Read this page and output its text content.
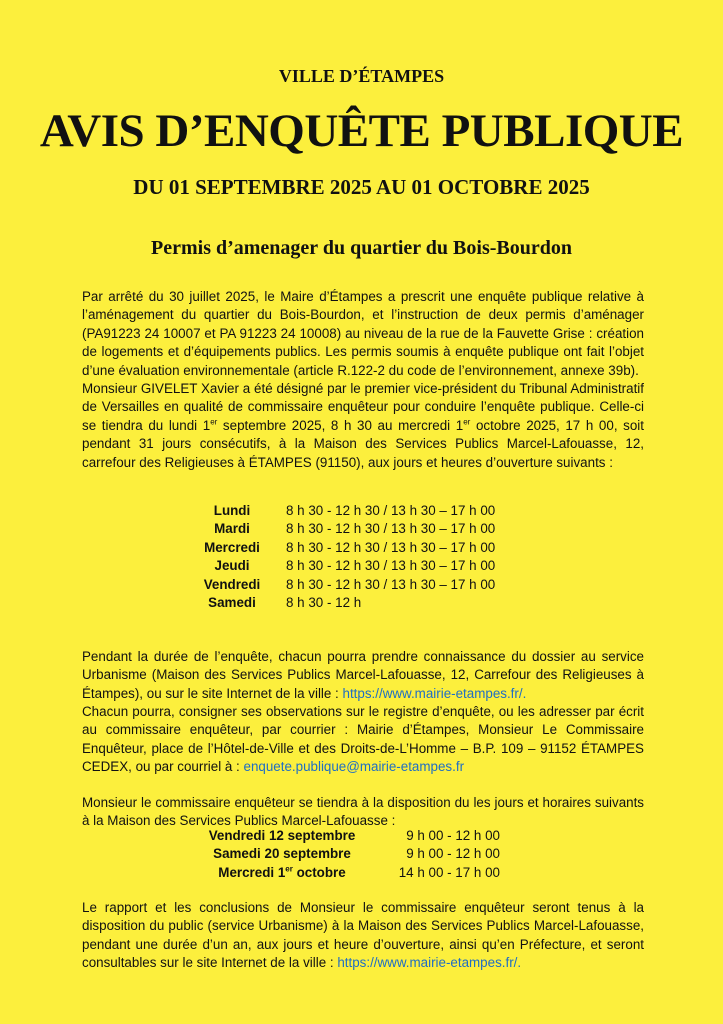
VILLE D’ÉTAMPES
AVIS D’ENQUÊTE PUBLIQUE
DU 01 SEPTEMBRE 2025 AU 01 OCTOBRE 2025
Permis d’amenager du quartier du Bois-Bourdon

Par arrêté du 30 juillet 2025, le Maire d’Étampes a prescrit une enquête publique relative à l’aménagement du quartier du Bois-Bourdon, et l’instruction de deux permis d’aménager (PA91223 24 10007 et PA 91223 24 10008) au niveau de la rue de la Fauvette Grise : création de logements et d’équipements publics. Les permis soumis à enquête publique ont fait l’objet d’une évaluation environnementale (article R.122-2 du code de l’environnement, annexe 39b).

Monsieur GIVELET Xavier a été désigné par le premier vice-président du Tribunal Administratif de Versailles en qualité de commissaire enquêteur pour conduire l’enquête publique. Celle-ci se tiendra du lundi 1er septembre 2025, 8 h 30 au mercredi 1er octobre 2025, 17 h 00, soit pendant 31 jours consécutifs, à la Maison des Services Publics Marcel-Lafouasse, 12, carrefour des Religieuses à ÉTAMPES (91150), aux jours et heures d’ouverture suivants :

Lundi	8 h 30 - 12 h 30 / 13 h 30 – 17 h 00
Mardi	8 h 30 - 12 h 30 / 13 h 30 – 17 h 00
Mercredi	8 h 30 - 12 h 30 / 13 h 30 – 17 h 00
Jeudi	8 h 30 - 12 h 30 / 13 h 30 – 17 h 00
Vendredi	8 h 30 - 12 h 30 / 13 h 30 – 17 h 00
Samedi	8 h 30 - 12 h

Pendant la durée de l’enquête, chacun pourra prendre connaissance du dossier au service Urbanisme (Maison des Services Publics Marcel-Lafouasse, 12, Carrefour des Religieuses à Étampes), ou sur le site Internet de la ville : https://www.mairie-etampes.fr/.

Chacun pourra, consigner ses observations sur le registre d’enquête, ou les adresser par écrit au commissaire enquêteur, par courrier : Mairie d’Étampes, Monsieur Le Commissaire Enquêteur, place de l’Hôtel-de-Ville et des Droits-de-L’Homme – B.P. 109 – 91152 ÉTAMPES CEDEX, ou par courriel à : enquete.publique@mairie-etampes.fr

Monsieur le commissaire enquêteur se tiendra à la disposition du les jours et horaires suivants à la Maison des Services Publics Marcel-Lafouasse :

Vendredi 12 septembre	9 h 00 - 12 h 00
Samedi 20 septembre	9 h 00 - 12 h 00
Mercredi 1er octobre	14 h 00 - 17 h 00

Le rapport et les conclusions de Monsieur le commissaire enquêteur seront tenus à la disposition du public (service Urbanisme) à la Maison des Services Publics Marcel-Lafouasse, pendant une durée d’un an, aux jours et heure d’ouverture, ainsi qu’en Préfecture, et seront consultables sur le site Internet de la ville : https://www.mairie-etampes.fr/.
